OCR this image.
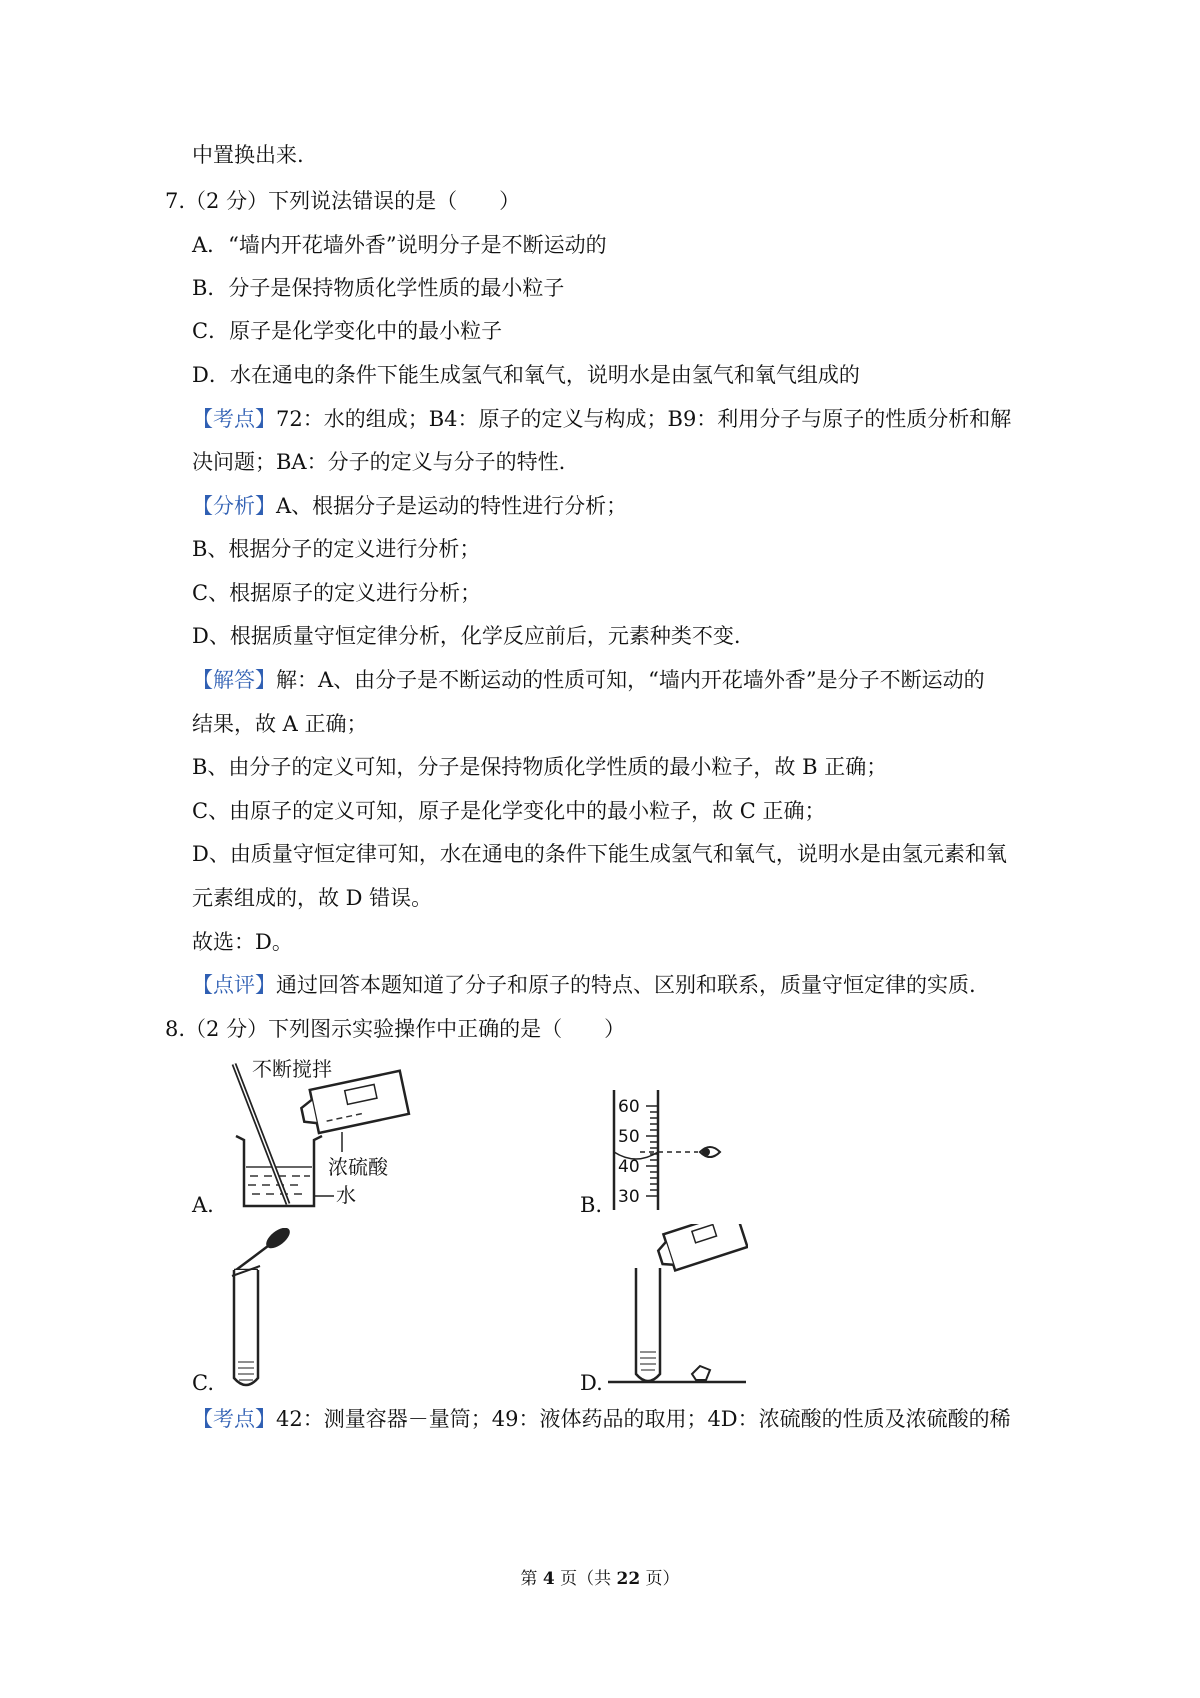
中置换出来.
7.（2 分）下列说法错误的是（　　）
A．“墙内开花墙外香”说明分子是不断运动的
B．分子是保持物质化学性质的最小粒子
C．原子是化学变化中的最小粒子
D．水在通电的条件下能生成氢气和氧气，说明水是由氢气和氧气组成的
【考点】72：水的组成；B4：原子的定义与构成；B9：利用分子与原子的性质分析和解
决问题；BA：分子的定义与分子的特性.
【分析】A、根据分子是运动的特性进行分析；
B、根据分子的定义进行分析；
C、根据原子的定义进行分析；
D、根据质量守恒定律分析，化学反应前后，元素种类不变.
【解答】解：A、由分子是不断运动的性质可知，“墙内开花墙外香”是分子不断运动的
结果，故 A 正确；
B、由分子的定义可知，分子是保持物质化学性质的最小粒子，故 B 正确；
C、由原子的定义可知，原子是化学变化中的最小粒子，故 C 正确；
D、由质量守恒定律可知，水在通电的条件下能生成氢气和氧气，说明水是由氢元素和氧
元素组成的，故 D 错误。
故选：D。
【点评】通过回答本题知道了分子和原子的特点、区别和联系，质量守恒定律的实质.
8.（2 分）下列图示实验操作中正确的是（　　）
不断搅拌
浓硫酸
水
A.
60
50
40
30
B.
C.	D.
【考点】42：测量容器－量筒；49：液体药品的取用；4D：浓硫酸的性质及浓硫酸的稀
第 4 页（共 22 页）
